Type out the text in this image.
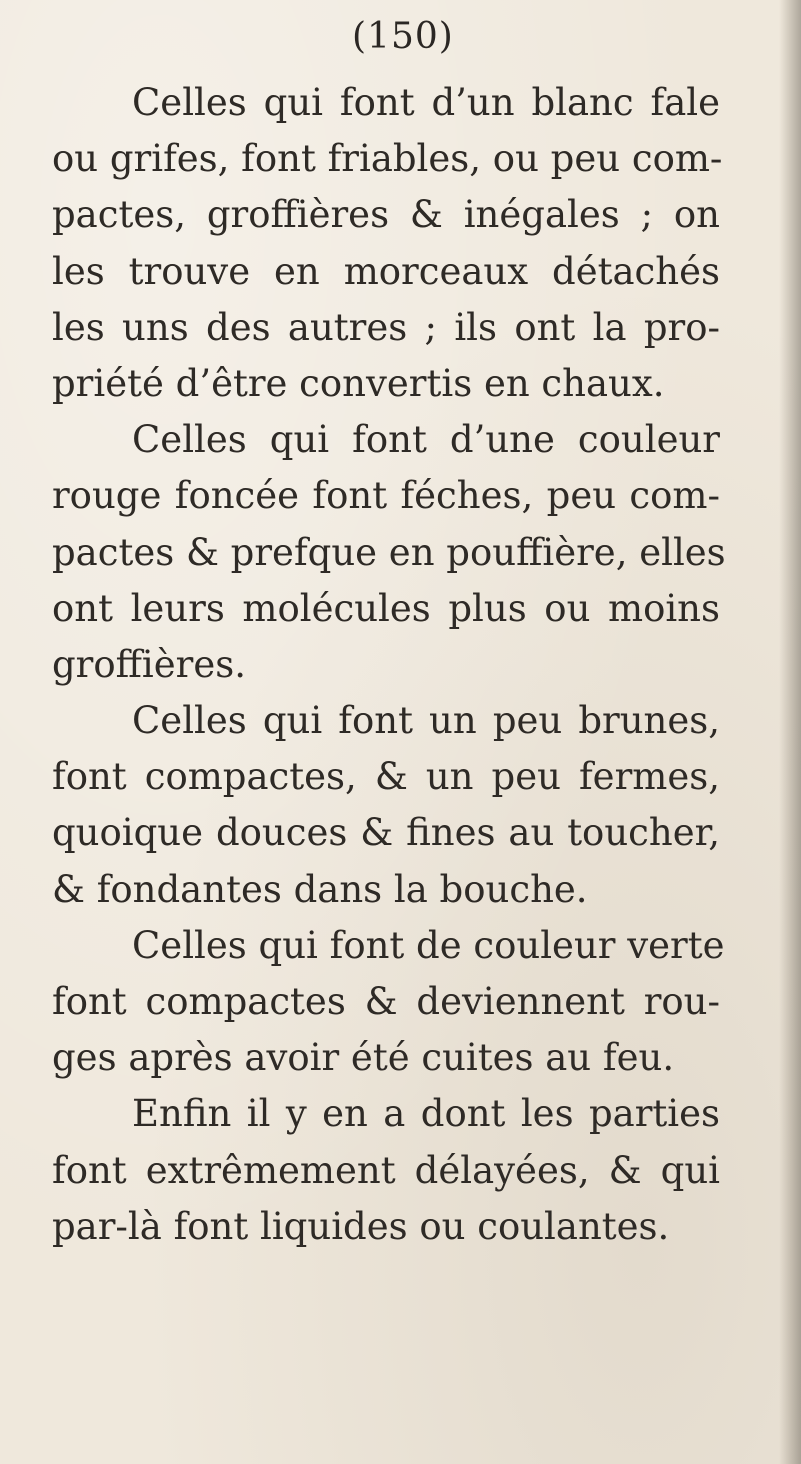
(150)
Celles qui font d’un blanc fale
ou grifes, font friables, ou peu com-
pactes, groffières & inégales ; on
les trouve en morceaux détachés
les uns des autres ; ils ont la pro-
priété d’être convertis en chaux.
Celles qui font d’une couleur
rouge foncée font féches, peu com-
pactes & prefque en pouffière, elles
ont leurs molécules plus ou moins
groffières.
Celles qui font un peu brunes,
font compactes, & un peu fermes,
quoique douces & fines au toucher,
& fondantes dans la bouche.
Celles qui font de couleur verte
font compactes & deviennent rou-
ges après avoir été cuites au feu.
Enfin il y en a dont les parties
font extrêmement délayées, & qui
par-là font liquides ou coulantes.
